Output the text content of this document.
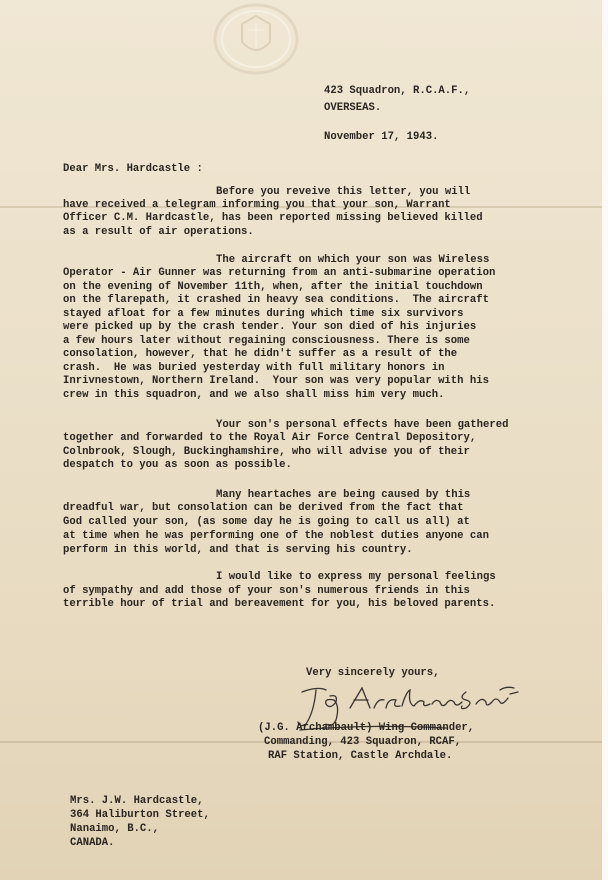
423 Squadron, R.C.A.F.,
OVERSEAS.
November 17, 1943.
Dear Mrs. Hardcastle :
Before you reveive this letter, you will
have received a telegram informing you that your son, Warrant
Officer C.M. Hardcastle, has been reported missing believed killed
as a result of air operations.
The aircraft on which your son was Wireless
Operator - Air Gunner was returning from an anti-submarine operation
on the evening of November 11th, when, after the initial touchdown
on the flarepath, it crashed in heavy sea conditions.  The aircraft
stayed afloat for a few minutes during which time six survivors
were picked up by the crash tender. Your son died of his injuries
a few hours later without regaining consciousness. There is some
consolation, however, that he didn't suffer as a result of the
crash.  He was buried yesterday with full military honors in
Inrivnestown, Northern Ireland.  Your son was very popular with his
crew in this squadron, and we also shall miss him very much.
Your son's personal effects have been gathered
together and forwarded to the Royal Air Force Central Depository,
Colnbrook, Slough, Buckinghamshire, who will advise you of their
despatch to you as soon as possible.
Many heartaches are being caused by this
dreadful war, but consolation can be derived from the fact that
God called your son, (as some day he is going to call us all) at
at time when he was performing one of the noblest duties anyone can
perform in this world, and that is serving his country.
I would like to express my personal feelings
of sympathy and add those of your son's numerous friends in this
terrible hour of trial and bereavement for you, his beloved parents.
Very sincerely yours,
(J.G. Archambault) Wing Commander,
Commanding, 423 Squadron, RCAF,
RAF Station, Castle Archdale.
Mrs. J.W. Hardcastle,
364 Haliburton Street,
Nanaimo, B.C.,
CANADA.
